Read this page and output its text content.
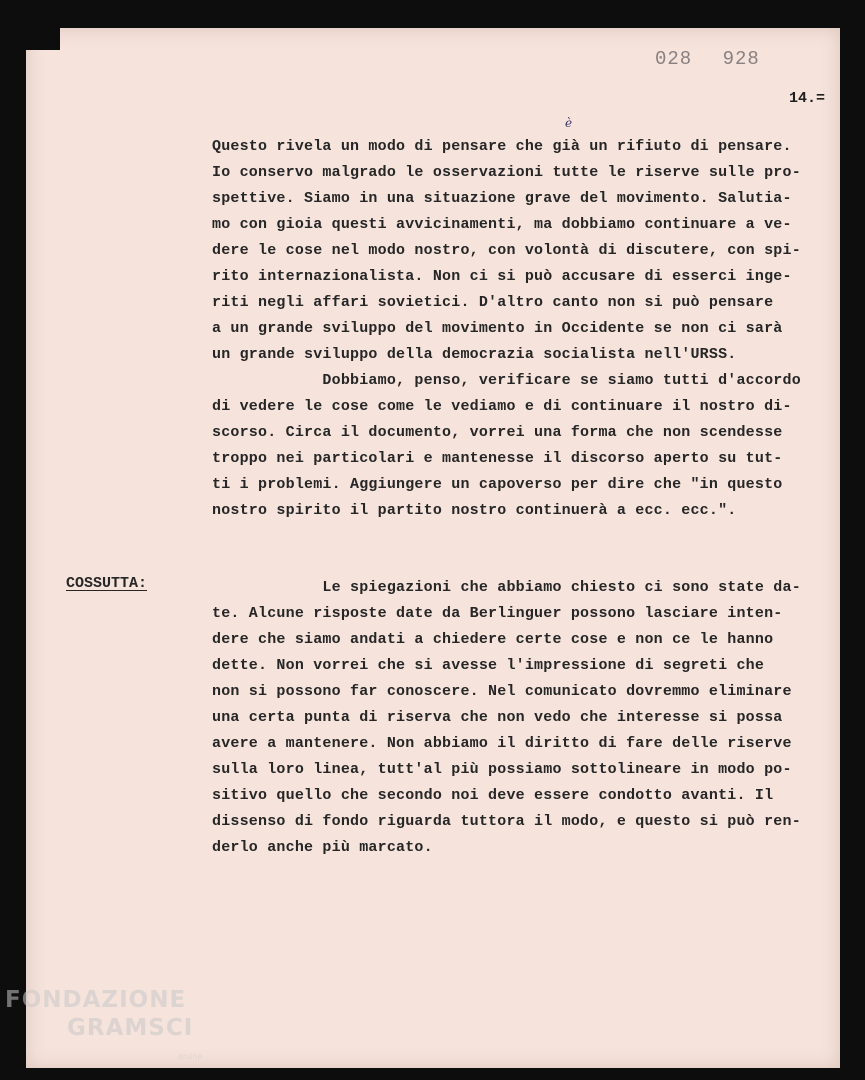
028 928

14.=

è
Questo rivela un modo di pensare che già un rifiuto di pensare.
Io conservo malgrado le osservazioni tutte le riserve sulle pro-
spettive. Siamo in una situazione grave del movimento. Salutia-
mo con gioia questi avvicinamenti, ma dobbiamo continuare a ve-
dere le cose nel modo nostro, con volontà di discutere, con spi-
rito internazionalista. Non ci si può accusare di esserci inge-
riti negli affari sovietici. D'altro canto non si può pensare
a un grande sviluppo del movimento in Occidente se non ci sarà
un grande sviluppo della democrazia socialista nell'URSS.
Dobbiamo, penso, verificare se siamo tutti d'accordo
di vedere le cose come le vediamo e di continuare il nostro di-
scorso. Circa il documento, vorrei una forma che non scendesse
troppo nei particolari e mantenesse il discorso aperto su tut-
ti i problemi. Aggiungere un capoverso per dire che "in questo
nostro spirito il partito nostro continuerà a ecc. ecc.".

COSSUTTA:	Le spiegazioni che abbiamo chiesto ci sono state da-
te. Alcune risposte date da Berlinguer possono lasciare inten-
dere che siamo andati a chiedere certe cose e non ce le hanno
dette. Non vorrei che si avesse l'impressione di segreti che
non si possono far conoscere. Nel comunicato dovremmo eliminare
una certa punta di riserva che non vedo che interesse si possa
avere a mantenere. Non abbiamo il diritto di fare delle riserve
sulla loro linea, tutt'al più possiamo sottolineare in modo po-
sitivo quello che secondo noi deve essere condotto avanti. Il
dissenso di fondo riguarda tuttora il modo, e questo si può ren-
derlo anche più marcato.
FONDAZIONE
GRAMSCI
online
